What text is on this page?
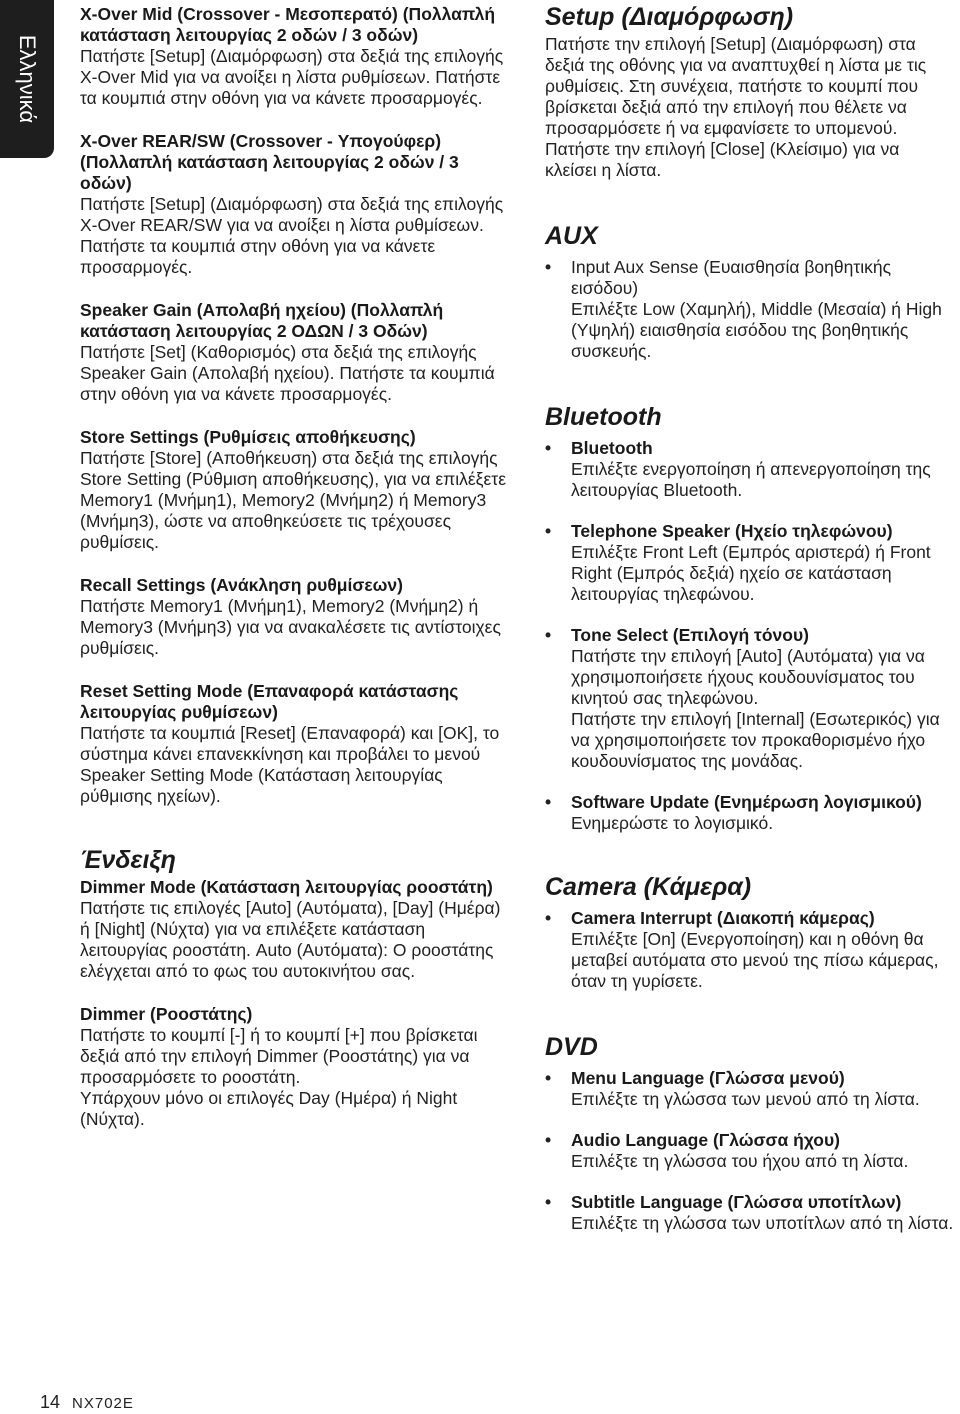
Ελληνικά
X-Over Mid (Crossover - Μεσοπερατό) (Πολλαπλή κατάσταση λειτουργίας 2 οδών / 3 οδών)
Πατήστε [Setup] (Διαμόρφωση) στα δεξιά της επιλογής X-Over Mid για να ανοίξει η λίστα ρυθμίσεων. Πατήστε τα κουμπιά στην οθόνη για να κάνετε προσαρμογές.
X-Over REAR/SW (Crossover - Υπογούφερ) (Πολλαπλή κατάσταση λειτουργίας 2 οδών / 3 οδών)
Πατήστε [Setup] (Διαμόρφωση) στα δεξιά της επιλογής X-Over REAR/SW για να ανοίξει η λίστα ρυθμίσεων. Πατήστε τα κουμπιά στην οθόνη για να κάνετε προσαρμογές.
Speaker Gain (Απολαβή ηχείου) (Πολλαπλή κατάσταση λειτουργίας 2 ΟΔΩΝ / 3 Οδών)
Πατήστε [Set] (Καθορισμός) στα δεξιά της επιλογής Speaker Gain (Απολαβή ηχείου). Πατήστε τα κουμπιά στην οθόνη για να κάνετε προσαρμογές.
Store Settings (Ρυθμίσεις αποθήκευσης)
Πατήστε [Store] (Αποθήκευση) στα δεξιά της επιλογής Store Setting (Ρύθμιση αποθήκευσης), για να επιλέξετε Memory1 (Μνήμη1), Memory2 (Μνήμη2) ή Memory3 (Μνήμη3), ώστε να αποθηκεύσετε τις τρέχουσες ρυθμίσεις.
Recall Settings (Ανάκληση ρυθμίσεων)
Πατήστε Memory1 (Μνήμη1), Memory2 (Μνήμη2) ή Memory3 (Μνήμη3) για να ανακαλέσετε τις αντίστοιχες ρυθμίσεις.
Reset Setting Mode (Επαναφορά κατάστασης λειτουργίας ρυθμίσεων)
Πατήστε τα κουμπιά [Reset] (Επαναφορά) και [OK], το σύστημα κάνει επανεκκίνηση και προβάλει το μενού Speaker Setting Mode (Κατάσταση λειτουργίας ρύθμισης ηχείων).
Ένδειξη
Dimmer Mode (Κατάσταση λειτουργίας ροοστάτη)
Πατήστε τις επιλογές [Auto] (Αυτόματα), [Day] (Ημέρα) ή [Night] (Νύχτα) για να επιλέξετε κατάσταση λειτουργίας ροοστάτη. Auto (Αυτόματα): Ο ροοστάτης ελέγχεται από το φως του αυτοκινήτου σας.
Dimmer (Ροοστάτης)
Πατήστε το κουμπί [-] ή το κουμπί [+] που βρίσκεται δεξιά από την επιλογή Dimmer (Ροοστάτης) για να προσαρμόσετε το ροοστάτη.
Υπάρχουν μόνο οι επιλογές Day (Ημέρα) ή Night (Νύχτα).
Setup (Διαμόρφωση)
Πατήστε την επιλογή [Setup] (Διαμόρφωση) στα δεξιά της οθόνης για να αναπτυχθεί η λίστα με τις ρυθμίσεις. Στη συνέχεια, πατήστε το κουμπί που βρίσκεται δεξιά από την επιλογή που θέλετε να προσαρμόσετε ή να εμφανίσετε το υπομενού. Πατήστε την επιλογή [Close] (Κλείσιμο) για να κλείσει η λίστα.
AUX
• Input Aux Sense (Ευαισθησία βοηθητικής εισόδου)
Επιλέξτε Low (Χαμηλή), Middle (Μεσαία) ή High (Υψηλή) ειαισθησία εισόδου της βοηθητικής συσκευής.
Bluetooth
• Bluetooth
Επιλέξτε ενεργοποίηση ή απενεργοποίηση της λειτουργίας Bluetooth.
• Telephone Speaker (Ηχείο τηλεφώνου)
Επιλέξτε Front Left (Εμπρός αριστερά) ή Front Right (Εμπρός δεξιά) ηχείο σε κατάσταση λειτουργίας τηλεφώνου.
• Tone Select (Επιλογή τόνου)
Πατήστε την επιλογή [Auto] (Αυτόματα) για να χρησιμοποιήσετε ήχους κουδουνίσματος του κινητού σας τηλεφώνου.
Πατήστε την επιλογή [Internal] (Εσωτερικός) για να χρησιμοποιήσετε τον προκαθορισμένο ήχο κουδουνίσματος της μονάδας.
• Software Update (Ενημέρωση λογισμικού)
Ενημερώστε το λογισμικό.
Camera (Κάμερα)
• Camera Interrupt (Διακοπή κάμερας)
Επιλέξτε [On] (Ενεργοποίηση) και η οθόνη θα μεταβεί αυτόματα στο μενού της πίσω κάμερας, όταν τη γυρίσετε.
DVD
• Menu Language (Γλώσσα μενού)
Επιλέξτε τη γλώσσα των μενού από τη λίστα.
• Audio Language (Γλώσσα ήχου)
Επιλέξτε τη γλώσσα του ήχου από τη λίστα.
• Subtitle Language (Γλώσσα υποτίτλων)
Επιλέξτε τη γλώσσα των υποτίτλων από τη λίστα.
14 NX702E
